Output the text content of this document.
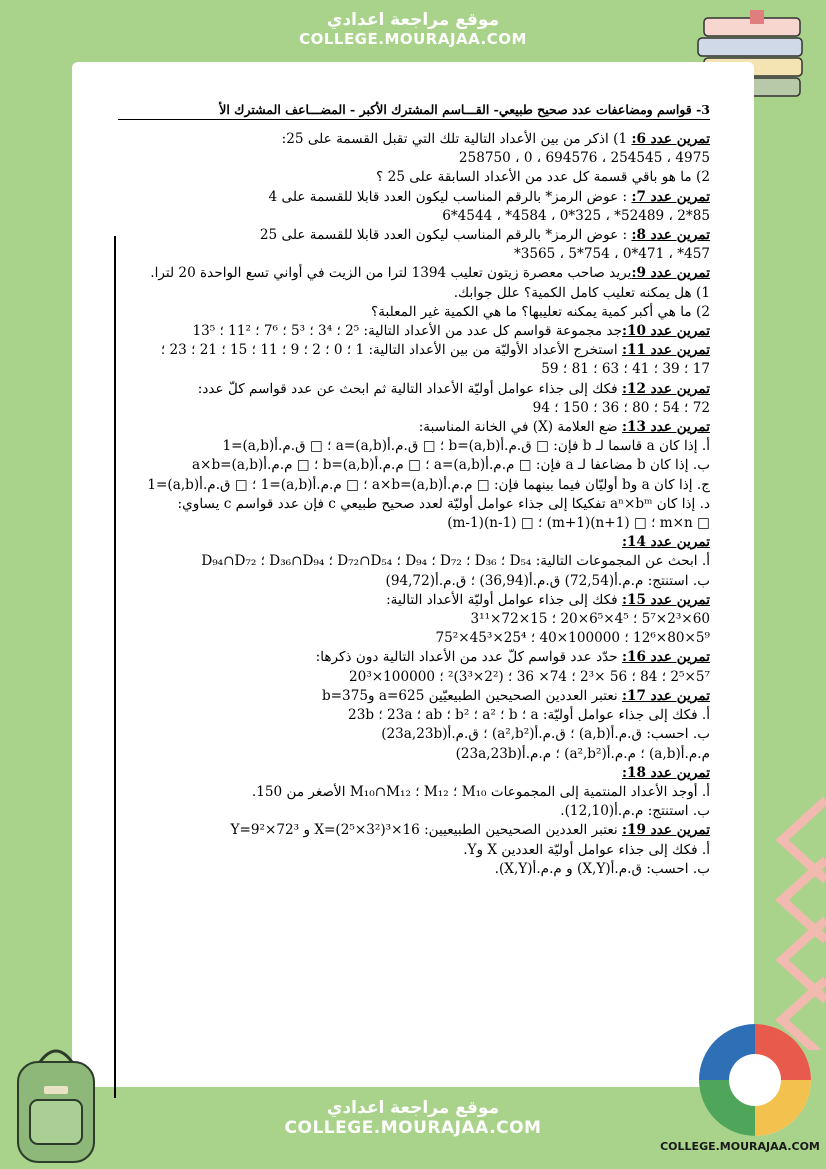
موقع مراجعة اعدادي
COLLEGE.MOURAJAA.COM
3- قواسم ومضاعفات عدد صحيح طبيعي- القـــاسم المشترك الأكبر - المضـــاعف المشترك الأ
تمرين عدد 6: 1) اذكر من بين الأعداد التالية تلك التي تقبل القسمة على 25:
4975 ، 254545 ، 694576 ، 0 ، 258750
2) ما هو باقي قسمة كل عدد من الأعداد السابقة على 25 ؟
تمرين عدد 7: : عوض الرمز* بالرقم المناسب ليكون العدد قابلا للقسمة على 4
85*2 ، 52489* ، 325*0 ، 4584* ، 4544*6
تمرين عدد 8: : عوض الرمز* بالرقم المناسب ليكون العدد قابلا للقسمة على 25
457* ، 471*0 ، 754*5 ، 3565*
تمرين عدد 9:يريد صاحب معصرة زيتون تعليب 1394 لترا من الزيت في أواني تسع الواحدة 20 لترا.
1) هل يمكنه تعليب كامل الكمية؟ علل جوابك.
2) ما هي أكبر كمية يمكنه تعليبها؟ ما هي الكمية غير المعلبة؟
تمرين عدد 10:جد مجموعة قواسم كل عدد من الأعداد التالية: 2⁵ ؛ 3⁴ ؛ 5³ ؛ 7⁶ ؛ 11² ؛ 13⁵
تمرين عدد 11: استخرج الأعداد الأوليّة من بين الأعداد التالية: 1 ؛ 0 ؛ 2 ؛ 9 ؛ 11 ؛ 15 ؛ 21 ؛ 23 ؛
17 ؛ 39 ؛ 41 ؛ 63 ؛ 81 ؛ 59
تمرين عدد 12: فكك إلى جذاء عوامل أوليّة الأعداد التالية ثم ابحث عن عدد قواسم كلّ عدد:
72 ؛ 54 ؛ 80 ؛ 36 ؛ 150 ؛ 94
تمرين عدد 13: ضع العلامة (X) في الخانة المناسبة:
أ. إذا كان a قاسما لـ b فإن: □ ق.م.أ(a,b)=b ؛ □ ق.م.أ(a,b)=a ؛ □ ق.م.أ(a,b)=1
ب. إذا كان b مضاعفا لـ a فإن: □ م.م.أ(a,b)=a ؛ □ م.م.أ(a,b)=b ؛ □ م.م.أ(a,b)=a×b
ج. إذا كان a وb أوليّان فيما بينهما فإن: □ م.م.أ(a,b)=a×b ؛ □ م.م.أ(a,b)=1 ؛ □ ق.م.أ(a,b)=1
د. إذا كان aⁿ×bᵐ تفكيكا إلى جذاء عوامل أوليّة لعدد صحيح طبيعي c فإن عدد قواسم c يساوي:
□ m×n ؛ □ (n+1)(m+1) ؛ □ (n-1)(m-1)
تمرين عدد 14:
أ. ابحث عن المجموعات التالية: D₅₄ ؛ D₃₆ ؛ D₇₂ ؛ D₉₄ ؛ D₇₂∩D₅₄ ؛ D₃₆∩D₉₄ ؛ D₉₄∩D₇₂
ب. استنتج: م.م.أ(72,54) ق.م.أ(36,94) ؛ ق.م.أ(94,72)
تمرين عدد 15: فكك إلى جذاء عوامل أوليّة الأعداد التالية:
60×2³×5⁷ ؛ 4⁵×6⁵×20 ؛ 15×72×3¹¹
5⁹×80×12⁶ ؛ 100000×40 ؛ 25⁴×45³×75²
تمرين عدد 16: حدّد عدد قواسم كلّ عدد من الأعداد التالية دون ذكرها:
5⁷×2⁵ ؛ 84 ؛ 56 ×2³ ؛ 74× 36 ؛ (2²×3³)² ؛ 100000×20³
تمرين عدد 17: نعتبر العددين الصحيحين الطبيعيّين a=625 وb=375
أ. فكك إلى جذاء عوامل أوليّة: a ؛ b ؛ a² ؛ b² ؛ ab ؛ 23a ؛ 23b
ب. احسب: ق.م.أ(a,b) ؛ ق.م.أ(a²,b²) ؛ ق.م.أ(23a,23b)
م.م.أ(a,b) ؛ م.م.أ(a²,b²) ؛ م.م.أ(23a,23b)
تمرين عدد 18:
أ. أوجد الأعداد المنتمية إلى المجموعات M₁₀ ؛ M₁₂ ؛ M₁₀∩M₁₂ الأصغر من 150.
ب. استنتج: م.م.أ(12,10).
تمرين عدد 19: نعتبر العددين الصحيحين الطبيعيين: X=(2⁵×3²)³×16 و Y=9²×72³
أ. فكك إلى جذاء عوامل أوليّة العددين X وY.
ب. احسب: ق.م.أ(X,Y) و م.م.أ(X,Y).
موقع مراجعة اعدادي
COLLEGE.MOURAJAA.COM
COLLEGE.MOURAJAA.COM
